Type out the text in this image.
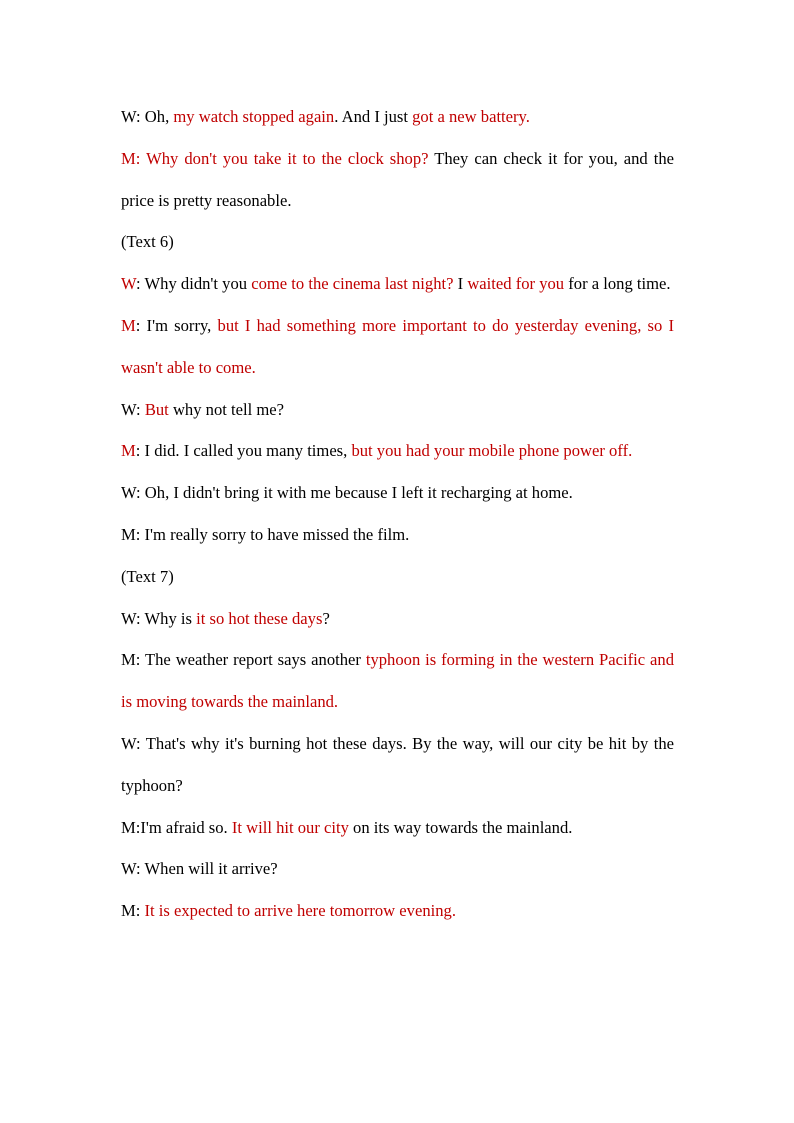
W: Oh, my watch stopped again. And I just got a new battery.

M: Why don't you take it to the clock shop? They can check it for you, and the price is pretty reasonable.

(Text 6)

W: Why didn't you come to the cinema last night? I waited for you for a long time.

M: I'm sorry, but I had something more important to do yesterday evening, so I wasn't able to come.

W: But why not tell me?

M: I did. I called you many times, but you had your mobile phone power off.

W: Oh, I didn't bring it with me because I left it recharging at home.

M: I'm really sorry to have missed the film.

(Text 7)

W: Why is it so hot these days?

M: The weather report says another typhoon is forming in the western Pacific and is moving towards the mainland.

W: That's why it's burning hot these days. By the way, will our city be hit by the typhoon?

M:I'm afraid so. It will hit our city on its way towards the mainland.

W: When will it arrive?

M: It is expected to arrive here tomorrow evening.
